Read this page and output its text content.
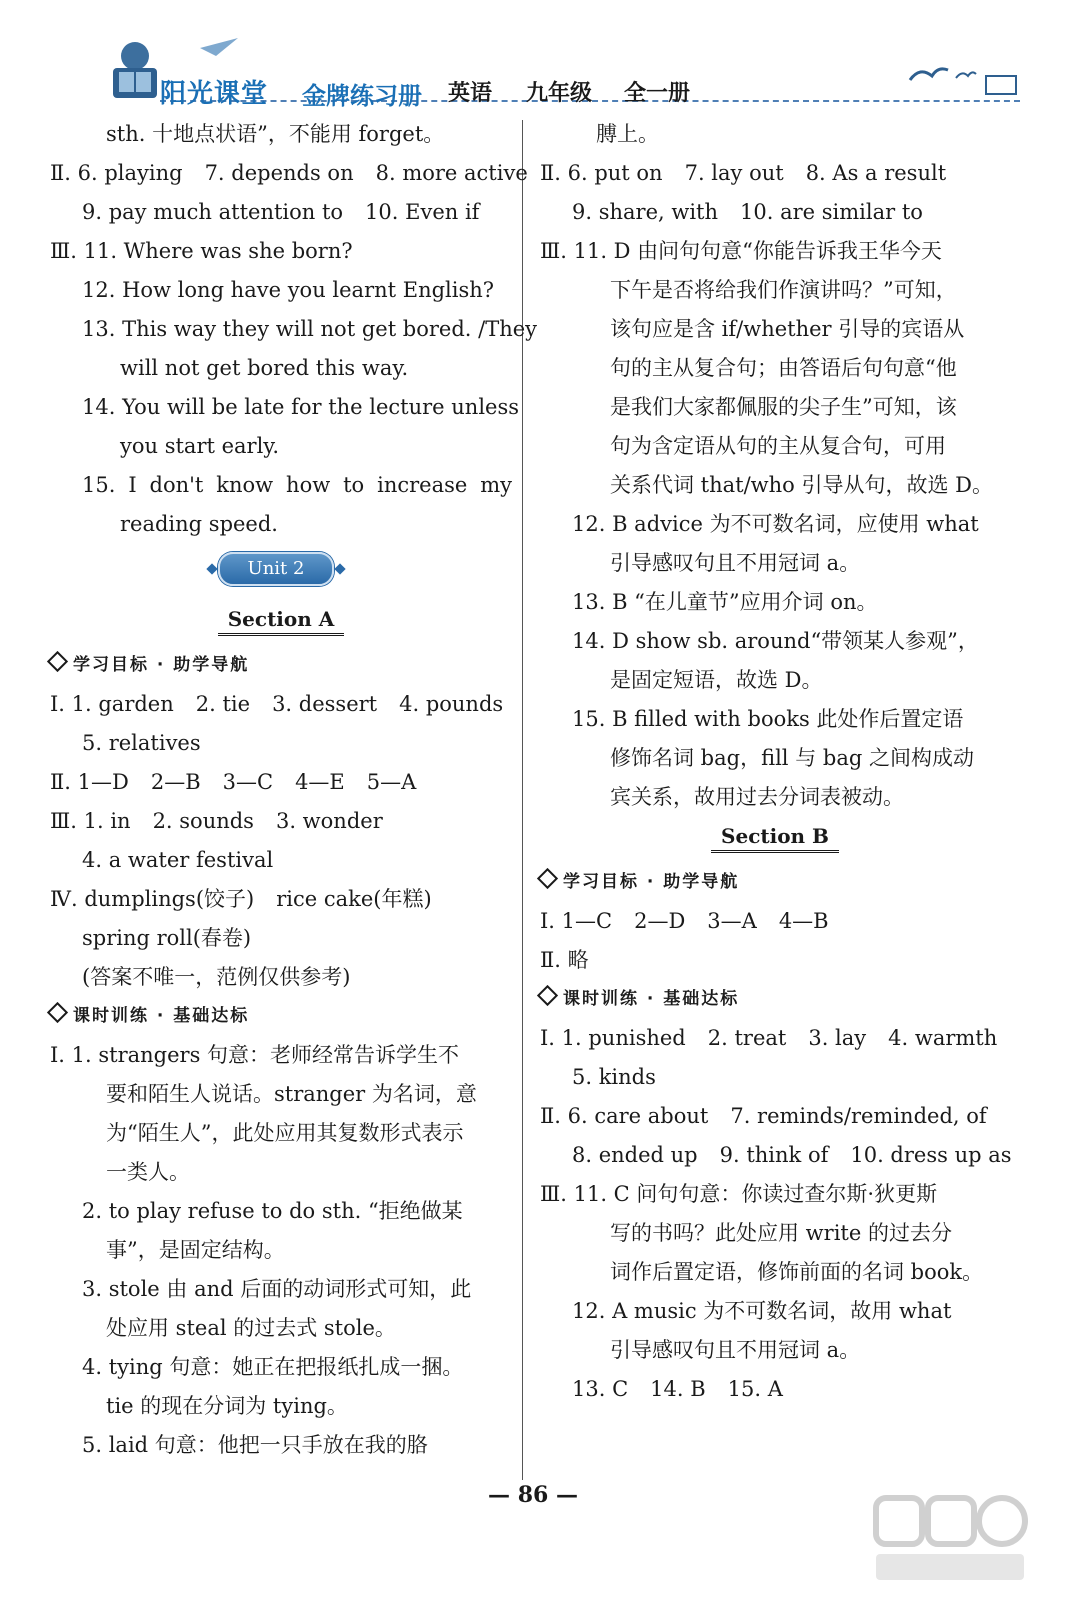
阳光课堂 金牌练习册 英语 九年级 全一册
sth. 十地点状语”，不能用 forget。
Ⅱ. 6. playing 7. depends on 8. more active
9. pay much attention to 10. Even if
Ⅲ. 11. Where was she born?
12. How long have you learnt English?
13. This way they will not get bored. /They
will not get bored this way.
14. You will be late for the lecture unless
you start early.
15. I don't know how to increase my
reading speed.
Unit 2
Section A
学习目标 · 助学导航
Ⅰ. 1. garden 2. tie 3. dessert 4. pounds
5. relatives
Ⅱ. 1—D 2—B 3—C 4—E 5—A
Ⅲ. 1. in 2. sounds 3. wonder
4. a water festival
Ⅳ. dumplings(饺子) rice cake(年糕)
spring roll(春卷)
(答案不唯一，范例仅供参考)
课时训练 · 基础达标
Ⅰ. 1. strangers 句意：老师经常告诉学生不
要和陌生人说话。stranger 为名词，意
为“陌生人”，此处应用其复数形式表示
一类人。
2. to play refuse to do sth. “拒绝做某
事”，是固定结构。
3. stole 由 and 后面的动词形式可知，此
处应用 steal 的过去式 stole。
4. tying 句意：她正在把报纸扎成一捆。
tie 的现在分词为 tying。
5. laid 句意：他把一只手放在我的胳
膊上。
Ⅱ. 6. put on 7. lay out 8. As a result
9. share, with 10. are similar to
Ⅲ. 11. D 由问句句意“你能告诉我王华今天
下午是否将给我们作演讲吗？”可知，
该句应是含 if/whether 引导的宾语从
句的主从复合句；由答语后句句意“他
是我们大家都佩服的尖子生”可知，该
句为含定语从句的主从复合句，可用
关系代词 that/who 引导从句，故选 D。
12. B advice 为不可数名词，应使用 what
引导感叹句且不用冠词 a。
13. B “在儿童节”应用介词 on。
14. D show sb. around“带领某人参观”，
是固定短语，故选 D。
15. B filled with books 此处作后置定语
修饰名词 bag，fill 与 bag 之间构成动
宾关系，故用过去分词表被动。
Section B
学习目标 · 助学导航
Ⅰ. 1—C 2—D 3—A 4—B
Ⅱ. 略
课时训练 · 基础达标
Ⅰ. 1. punished 2. treat 3. lay 4. warmth
5. kinds
Ⅱ. 6. care about 7. reminds/reminded, of
8. ended up 9. think of 10. dress up as
Ⅲ. 11. C 问句句意：你读过查尔斯·狄更斯
写的书吗？此处应用 write 的过去分
词作后置定语，修饰前面的名词 book。
12. A music 为不可数名词，故用 what
引导感叹句且不用冠词 a。
13. C 14. B 15. A
— 86 —
